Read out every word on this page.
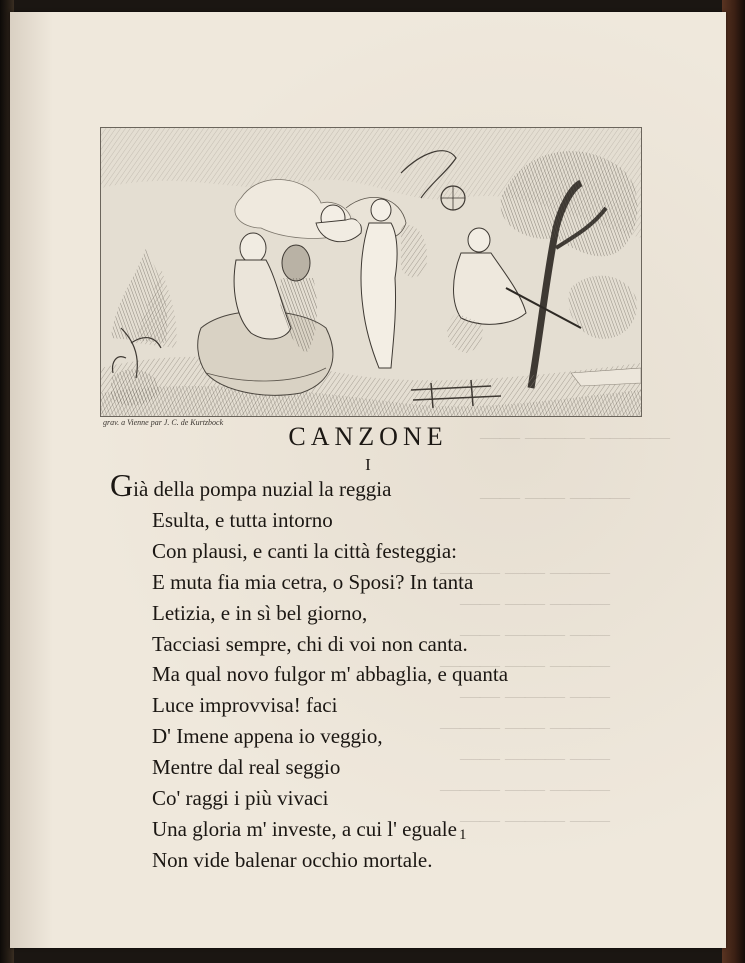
———— ——— ——
——— —— ——
——— —— ———
——— —— ——
—— ——— ——
——— —— ———
—— ——— ——
——— —— ———
—— ——— ——
——— —— ———
—— ——— ——
grav. a Vienne par J. C. de Kurtzbock	CANZONE
I
Già della pompa nuzial la reggia
Esulta, e tutta intorno
Con plausi, e canti la città festeggia:
E muta fia mia cetra, o Sposi? In tanta
Letizia, e in sì bel giorno,
Tacciasi sempre, chi di voi non canta.
Ma qual novo fulgor m' abbaglia, e quanta
Luce improvvisa! faci
D' Imene appena io veggio,
Mentre dal real seggio
Co' raggi i più vivaci
Una gloria m' investe, a cui l' eguale
Non vide balenar occhio mortale.
1
